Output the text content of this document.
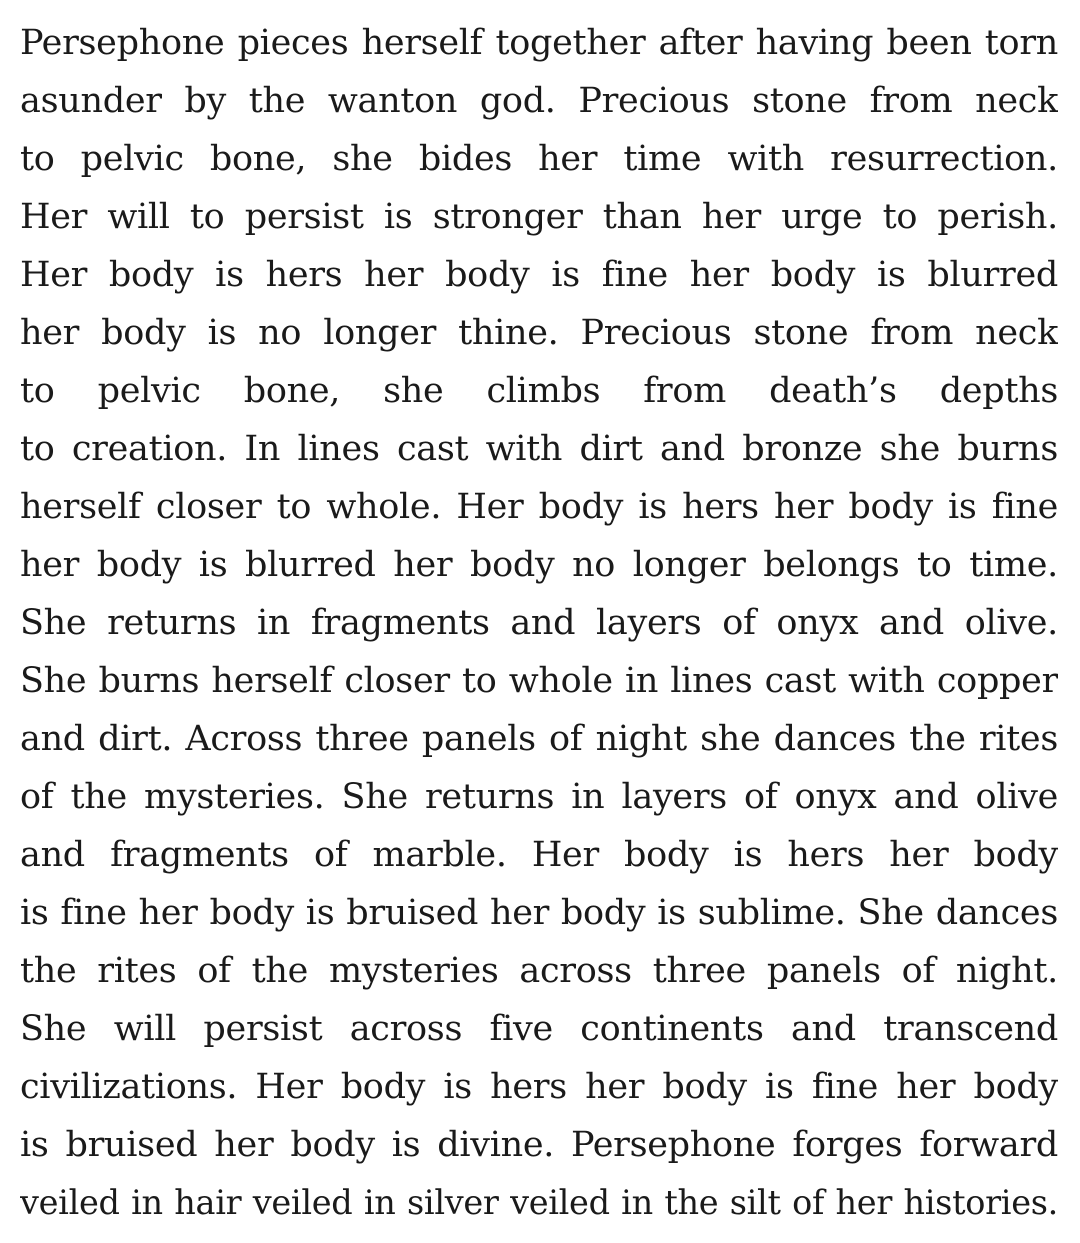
Persephone pieces herself together after having been torn
asunder by the wanton god. Precious stone from neck
to pelvic bone, she bides her time with resurrection.
Her will to persist is stronger than her urge to perish.
Her body is hers her body is fine her body is blurred
her body is no longer thine. Precious stone from neck
to pelvic bone, she climbs from death’s depths
to creation. In lines cast with dirt and bronze she burns
herself closer to whole. Her body is hers her body is fine
her body is blurred her body no longer belongs to time.
She returns in fragments and layers of onyx and olive.
She burns herself closer to whole in lines cast with copper
and dirt. Across three panels of night she dances the rites
of the mysteries. She returns in layers of onyx and olive
and fragments of marble. Her body is hers her body
is fine her body is bruised her body is sublime. She dances
the rites of the mysteries across three panels of night.
She will persist across five continents and transcend
civilizations. Her body is hers her body is fine her body
is bruised her body is divine. Persephone forges forward
veiled in hair veiled in silver veiled in the silt of her histories.
